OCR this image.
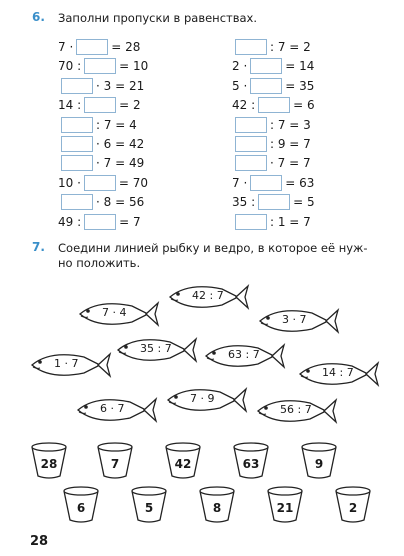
6. Заполни пропуски в равенствах.
7 ·	= 28
70 :	= 10
· 3 = 21
14 :	= 2
: 7 = 4
· 6 = 42
· 7 = 49
10 ·	= 70
· 8 = 56
49 :	= 7
: 7 = 2
2 ·	= 14
5 ·	= 35
42 :	= 6
: 7 = 3
: 9 = 7
· 7 = 7
7 ·	= 63
35 :	= 5
: 1 = 7
7. Соедини линией рыбку и ведро, в которое её нуж-
но положить.
42 : 7
7 · 4
3 · 7
35 : 7	63 : 7
1 · 7
14 : 7
7 · 9
6 · 7	56 : 7
28	7	42	63	9
6	5	8	21	2
28
